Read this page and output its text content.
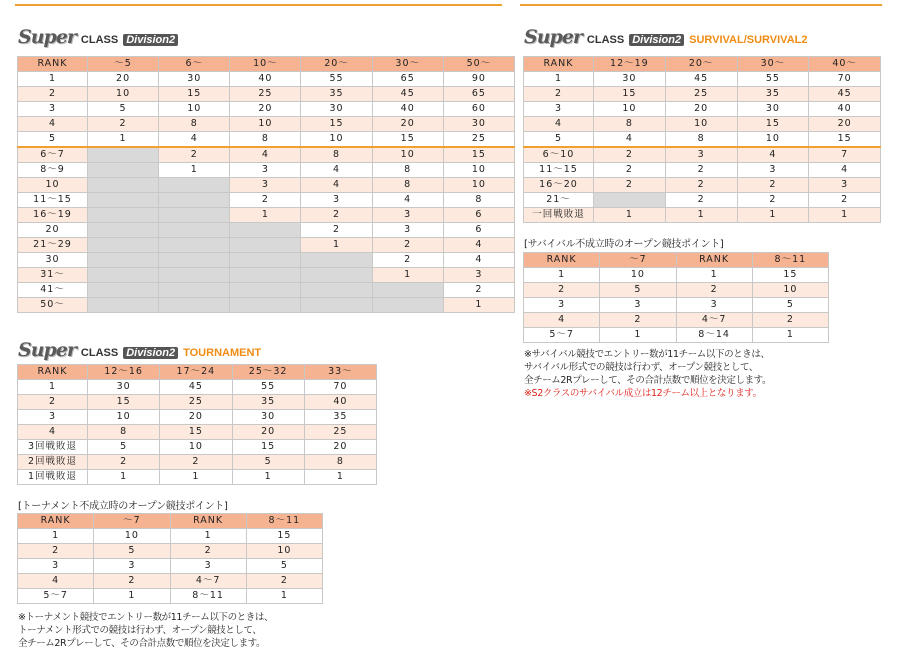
Super CLASS Division2
RANK	～5	6～	10～	20～	30～	50～
1	20	30	40	55	65	90
2	10	15	25	35	45	65
3	5	10	20	30	40	60
4	2	8	10	15	20	30
5	1	4	8	10	15	25
6～7		2	4	8	10	15
8～9		1	3	4	8	10
10			3	4	8	10
11～15			2	3	4	8
16～19			1	2	3	6
20				2	3	6
21～29				1	2	4
30					2	4
31～					1	3
41～						2
50～						1
Super CLASS Division2 TOURNAMENT
RANK	12～16	17～24	25～32	33～
1	30	45	55	70
2	15	25	35	40
3	10	20	30	35
4	8	15	20	25
3回戦敗退	5	10	15	20
2回戦敗退	2	2	5	8
1回戦敗退	1	1	1	1
[トーナメント不成立時のオープン競技ポイント]
RANK	～7	RANK	8～11
1	10	1	15
2	5	2	10
3	3	3	5
4	2	4～7	2
5～7	1	8～11	1
※トーナメント競技でエントリー数が11チーム以下のときは、
トーナメント形式での競技は行わず、オープン競技として、
全チーム2Rプレーして、その合計点数で順位を決定します。
Super CLASS Division2 SURVIVAL/SURVIVAL2
RANK	12～19	20～	30～	40～
1	30	45	55	70
2	15	25	35	45
3	10	20	30	40
4	8	10	15	20
5	4	8	10	15
6～10	2	3	4	7
11～15	2	2	3	4
16～20	2	2	2	3
21～		2	2	2
一回戦敗退	1	1	1	1
[サバイバル不成立時のオープン競技ポイント]
RANK	～7	RANK	8～11
1	10	1	15
2	5	2	10
3	3	3	5
4	2	4～7	2
5～7	1	8～14	1
※サバイバル競技でエントリー数が11チーム以下のときは、
サバイバル形式での競技は行わず、オープン競技として、
全チーム2Rプレーして、その合計点数で順位を決定します。
※S2クラスのサバイバル成立は12チーム以上となります。
